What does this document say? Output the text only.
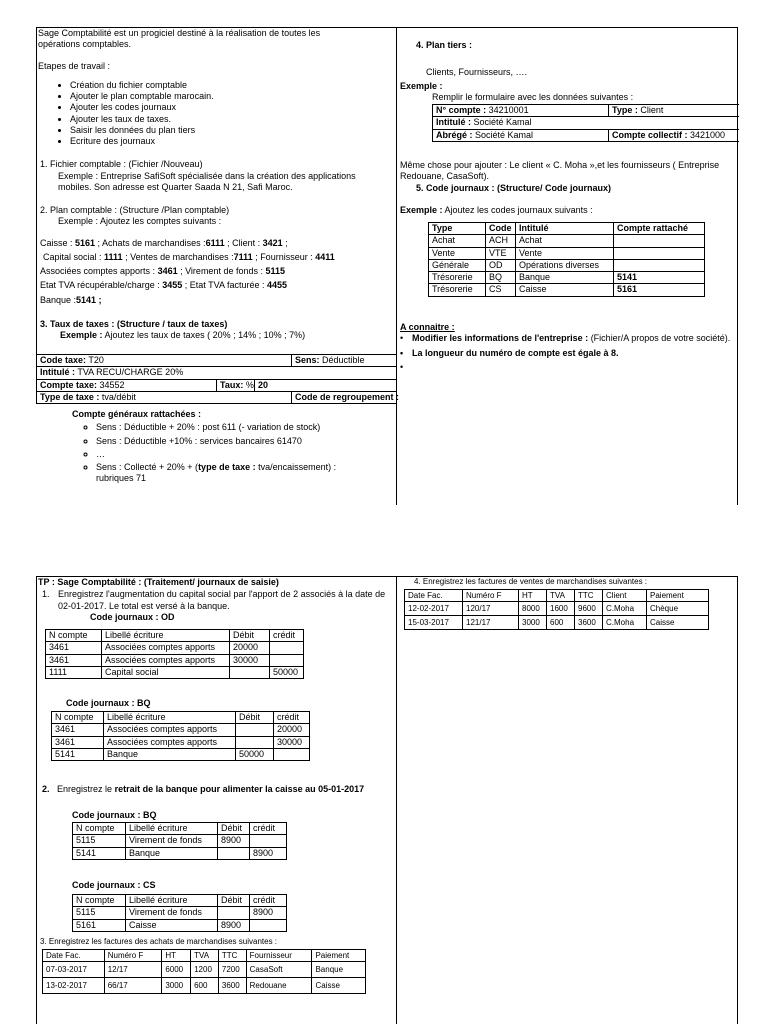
Sage Comptabilité est un progiciel destiné à la réalisation de toutes les opérations comptables.

Etapes de travail :

• Création du fichier comptable
• Ajouter le plan comptable marocain.
• Ajouter les codes journaux
• Ajouter les taux de taxes.
• Saisir les données du plan tiers
• Ecriture des journaux

1. Fichier comptable : (Fichier /Nouveau)

Exemple : Entreprise SafiSoft spécialisée dans la création des applications mobiles. Son adresse est Quarter Saada N 21, Safi Maroc.

2. Plan comptable : (Structure /Plan comptable)

Exemple : Ajoutez les comptes suivants :

Caisse : 5161 ; Achats de marchandises :6111 ; Client : 3421 ;

Capital social : 1111 ; Ventes de marchandises :7111 ; Fournisseur : 4411

Associées comptes apports : 3461 ; Virement de fonds : 5115

Etat TVA récupérable/charge : 3455 ; Etat TVA facturée : 4455

Banque :5141 ;

3. Taux de taxes : (Structure / taux de taxes)

Exemple : Ajoutez les taux de taxes ( 20% ; 14% ; 10% ; 7%)

Code taxe: T20			Sens: Déductible
Intitulé : TVA RECU/CHARGE 20%			
Compte taxe: 34552	Taux: %	20	
Type de taxe : tva/débit			Code de regroupement :

Compte généraux rattachées :

◦ Sens : Déductible + 20% : post 611 (- variation de stock)
◦ Sens : Déductible +10% : services bancaires 61470
◦ …
◦ Sens : Collecté + 20% + (type de taxe : tva/encaissement) : rubriques 71

4. Plan tiers :

Clients, Fournisseurs, ….

Exemple :

Remplir le formulaire avec les données suivantes :

N° compte : 34210001	Type : Client
Intitulé : Société Kamal	
Abrégé : Société Kamal	Compte collectif : 3421000

Même chose pour ajouter : Le client « C. Moha »,et les fournisseurs ( Entreprise Redouane, CasaSoft).

5. Code journaux : (Structure/ Code journaux)

Exemple : Ajoutez les codes journaux suivants :

Type	Code	Intitulé	Compte rattaché
Achat	ACH	Achat	
Vente	VTE	Vente	
Générale	OD	Opérations diverses	
Trésorerie	BQ	Banque	5141
Trésorerie	CS	Caisse	5161

A connaitre :

• Modifier les informations de l'entreprise : (Fichier/A propos de votre société).
• La longueur du numéro de compte est égale à 8.
•

TP : Sage Comptabilité : (Traitement/ journaux de saisie)

1. Enregistrez l'augmentation du capital social par l'apport de 2 associés à la date de 02-01-2017. Le total est versé à la banque.

Code journaux : OD

N compte	Libellé écriture	Débit	crédit
3461	Associées comptes apports	20000	
3461	Associées comptes apports	30000	
1111	Capital social		50000

Code journaux : BQ

N compte	Libellé écriture	Débit	crédit
3461	Associées comptes apports		20000
3461	Associées comptes apports		30000
5141	Banque	50000	

2. Enregistrez le retrait de la banque pour alimenter la caisse au 05-01-2017

Code journaux : BQ

N compte	Libellé écriture	Débit	crédit
5115	Virement de fonds	8900	
5141	Banque		8900

Code journaux : CS

N compte	Libellé écriture	Débit	crédit
5115	Virement de fonds		8900
5161	Caisse	8900	

3. Enregistrez les factures des achats de marchandises suivantes :

Date Fac.	Numéro F	HT	TVA	TTC	Fournisseur	Paiement
07-03-2017	12/17	6000	1200	7200	CasaSoft	Banque
13-02-2017	66/17	3000	600	3600	Redouane	Caisse

4. Enregistrez les factures de ventes de marchandises suivantes :

Date Fac.	Numéro F	HT	TVA	TTC	Client	Paiement
12-02-2017	120/17	8000	1600	9600	C.Moha	Chèque
15-03-2017	121/17	3000	600	3600	C.Moha	Caisse
